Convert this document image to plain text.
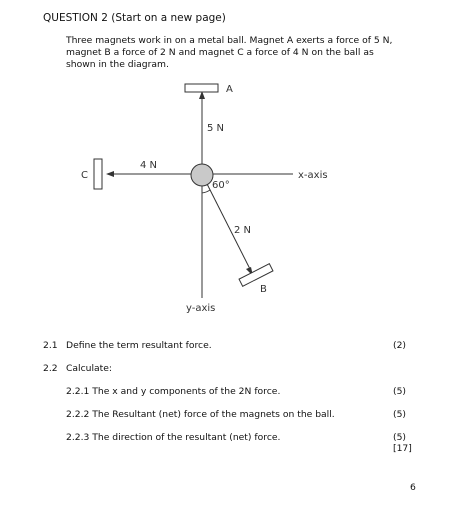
QUESTION 2 (Start on a new page)
Three magnets work in on a metal ball. Magnet A exerts a force of 5 N, magnet B a force of 2 N and magnet C a force of 4 N on the ball as shown in the diagram.
A
5 N
4 N
C	x-axis
60°
2 N
B
y-axis
2.1 Define the term resultant force.	(2)
2.2 Calculate:
2.2.1 The x and y components of the 2N force.	(5)
2.2.2 The Resultant (net) force of the magnets on the ball.	(5)
2.2.3 The direction of the resultant (net) force.	(5)
[17]
6
